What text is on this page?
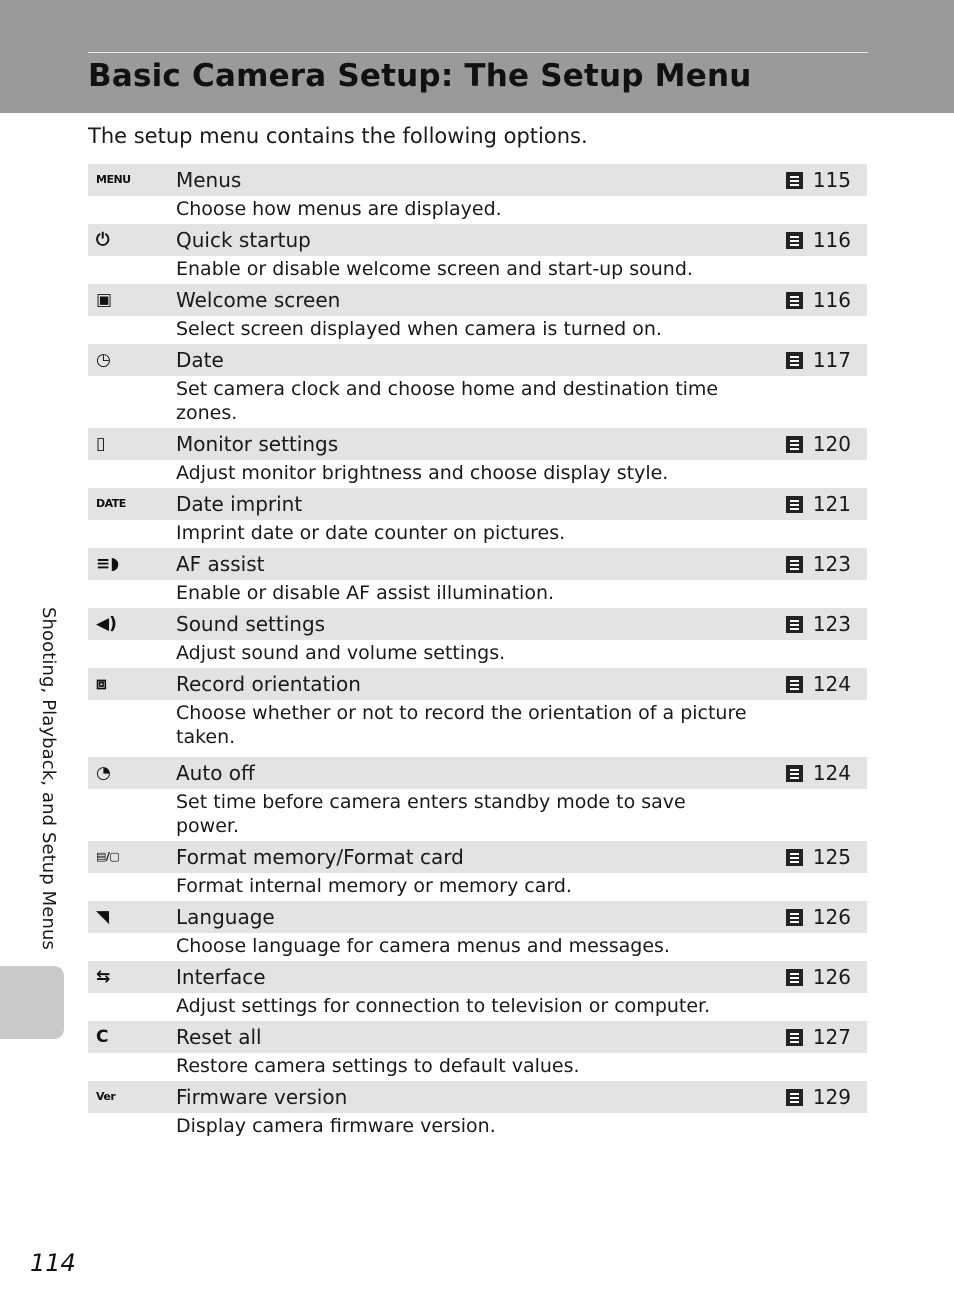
Basic Camera Setup: The Setup Menu
The setup menu contains the following options.
MENU Menus	115
Choose how menus are displayed.
⏻	Quick startup	116
Enable or disable welcome screen and start-up sound.
▣	Welcome screen	116
Select screen displayed when camera is turned on.
◷	Date	117
Set camera clock and choose home and destination time zones.
▯	Monitor settings	120
Adjust monitor brightness and choose display style.
DATE	Date imprint	121
Imprint date or date counter on pictures.
≡◗	AF assist	123
Enable or disable AF assist illumination.
◀)	Sound settings	123
Adjust sound and volume settings.
⧈	Record orientation	124
Choose whether or not to record the orientation of a picture taken.
◔	Auto off	124
Set time before camera enters standby mode to save power.
▤/▢	Format memory/Format card	125
Format internal memory or memory card.
◥	Language	126
Choose language for camera menus and messages.
⇆	Interface	126
Adjust settings for connection to television or computer.
C	Reset all	127
Restore camera settings to default values.
Ver	Firmware version	129
Display camera firmware version.
Shooting, Playback, and Setup Menus
114
